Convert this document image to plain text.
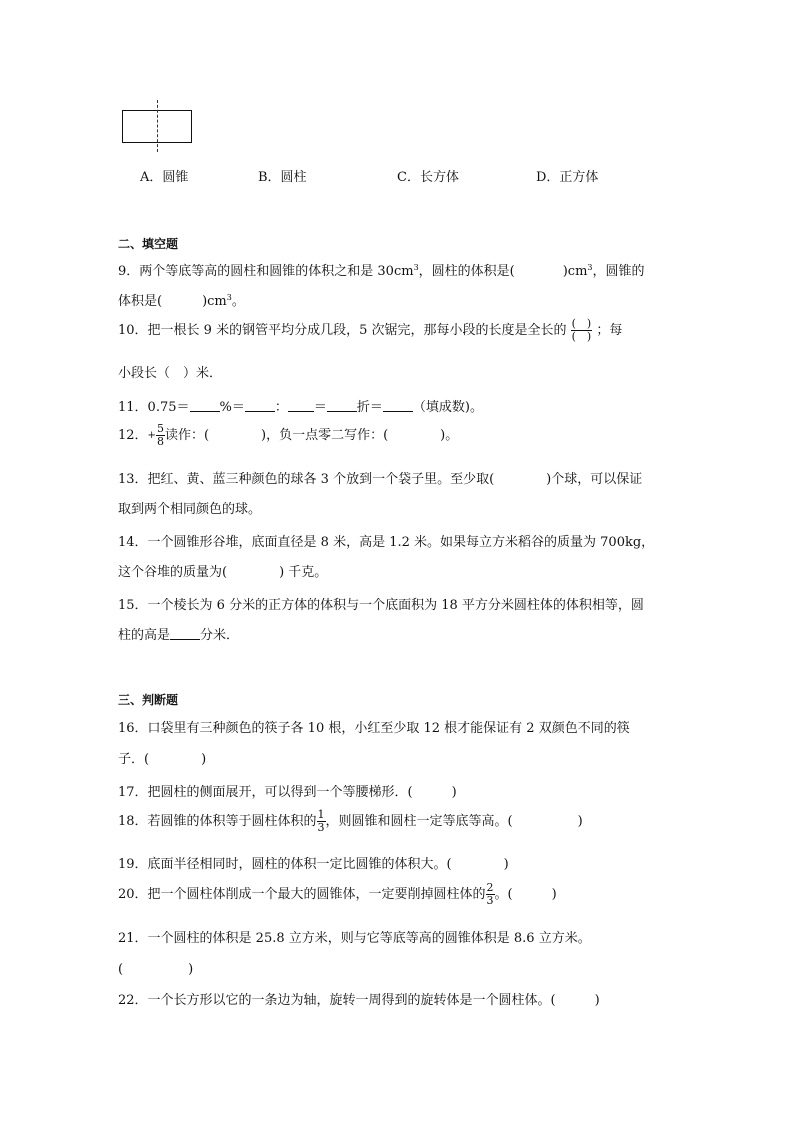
A．圆锥	B．圆柱	C．长方体	D．正方体
二、填空题
9．两个等底等高的圆柱和圆锥的体积之和是 $30cm^3$，圆柱的体积是(	)$cm^3$，圆锥的
体积是(	)$cm^3$。
10．把一根长 9 米的钢管平均分成几段，5 次锯完，那每小段的长度是全长的 $\frac{( )}{( )}$ ；每
小段长（　）米．
11．0.75＝ %＝ ： ＝ 折＝ （填成数)。
12．+ $\frac{5}{8}$ 读作：(　　　　)，负一点零二写作：(　　　　)。
13．把红、黄、蓝三种颜色的球各 3 个放到一个袋子里。至少取(　　　　)个球，可以保证
取到两个相同颜色的球。
14．一个圆锥形谷堆，底面直径是 8 米，高是 1.2 米。如果每立方米稻谷的质量为 700kg，
这个谷堆的质量为(　　　　) 千克。
15．一个棱长为 6 分米的正方体的体积与一个底面积为 18 平方分米圆柱体的体积相等，圆
柱的高是 分米．
三、判断题
16．口袋里有三种颜色的筷子各 10 根，小红至少取 12 根才能保证有 2 双颜色不同的筷
子．(　　　　)
17．把圆柱的侧面展开，可以得到一个等腰梯形．(　　　)
18．若圆锥的体积等于圆柱体积的 $\frac{1}{3}$ ，则圆锥和圆柱一定等底等高。(　　　　　)
19．底面半径相同时，圆柱的体积一定比圆锥的体积大。(　　　　)
20．把一个圆柱体削成一个最大的圆锥体，一定要削掉圆柱体的 $\frac{2}{3}$ 。(　　　)
21．一个圆柱的体积是 25.8 立方米，则与它等底等高的圆锥体积是 8.6 立方米。
(　　　　　)
22．一个长方形以它的一条边为轴，旋转一周得到的旋转体是一个圆柱体。(　　　)
